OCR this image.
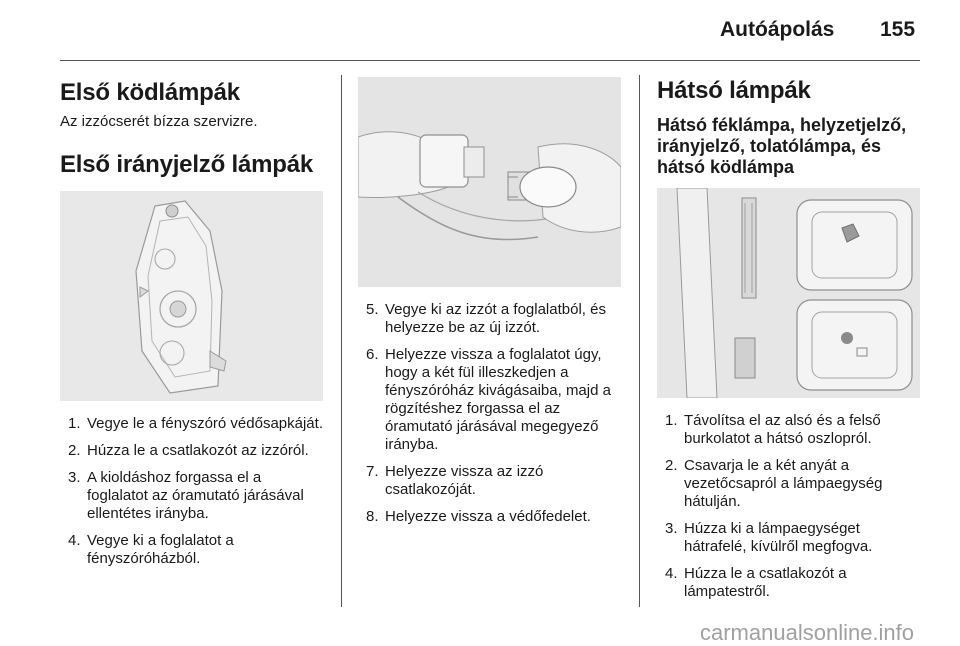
Autóápolás 155
Első ködlámpák

Az izzócserét bízza szervizre.

Első irányjelző lámpák
1. Vegye le a fényszóró védősapkáját.
2. Húzza le a csatlakozót az izzóról.
3. A kioldáshoz forgassa el a foglalatot az óramutató járásával ellentétes irányba.
4. Vegye ki a foglalatot a fényszóróházból.
5. Vegye ki az izzót a foglalatból, és helyezze be az új izzót.
6. Helyezze vissza a foglalatot úgy, hogy a két fül illeszkedjen a fényszóróház kivágásaiba, majd a rögzítéshez forgassa el az óramutató járásával megegyező irányba.
7. Helyezze vissza az izzó csatlakozóját.
8. Helyezze vissza a védőfedelet.
Hátsó lámpák
Hátsó féklámpa, helyzetjelző, irányjelző, tolatólámpa, és hátsó ködlámpa
1. Távolítsa el az alsó és a felső burkolatot a hátsó oszlopról.
2. Csavarja le a két anyát a vezetőcsapról a lámpaegység hátulján.
3. Húzza ki a lámpaegységet hátrafelé, kívülről megfogva.
4. Húzza le a csatlakozót a lámpatestről.
carmanualsonline.info
